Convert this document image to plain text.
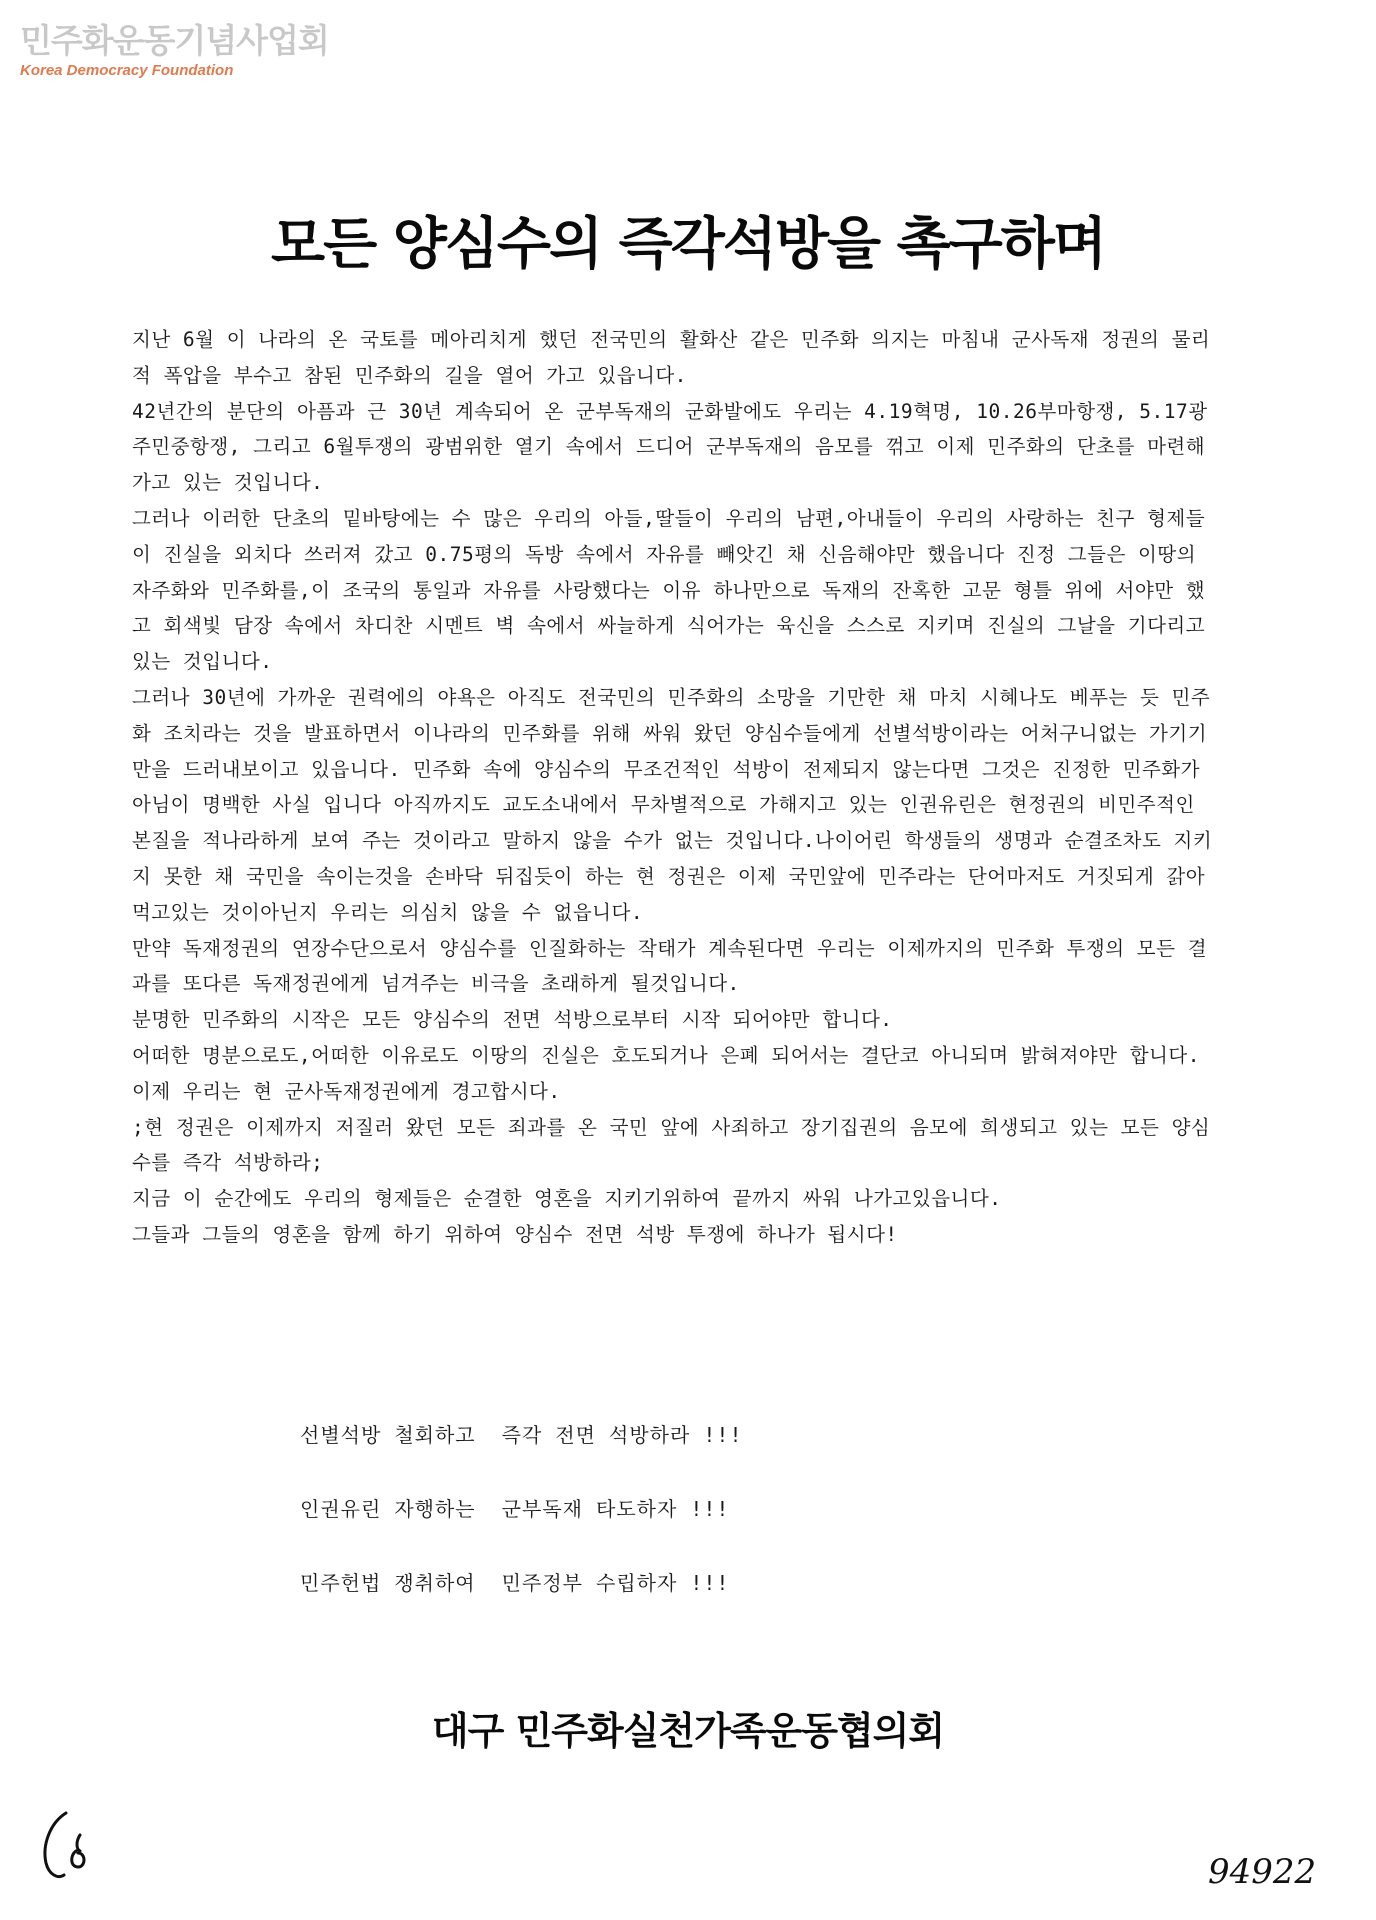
민주화운동기념사업회
Korea Democracy Foundation
모든 양심수의 즉각석방을 촉구하며

지난 6월 이 나라의 온 국토를 메아리치게 했던 전국민의 활화산 같은 민주화 의지는 마침내 군사독재 정권의 물리적 폭압을 부수고 참된 민주화의 길을 열어 가고 있읍니다.

42년간의 분단의 아픔과 근 30년 계속되어 온 군부독재의 군화발에도 우리는 4.19혁명, 10.26부마항쟁, 5.17광주민중항쟁, 그리고 6월투쟁의 광범위한 열기 속에서 드디어 군부독재의 음모를 꺾고 이제 민주화의 단초를 마련해 가고 있는 것입니다.

그러나 이러한 단초의 밑바탕에는 수 많은 우리의 아들,딸들이 우리의 남편,아내들이 우리의 사랑하는 친구 형제들이 진실을 외치다 쓰러져 갔고 0.75평의 독방 속에서 자유를 빼앗긴 채 신음해야만 했읍니다 진정 그들은 이땅의 자주화와 민주화를,이 조국의 통일과 자유를 사랑했다는 이유 하나만으로 독재의 잔혹한 고문 형틀 위에 서야만 했고 회색빛 담장 속에서 차디찬 시멘트 벽 속에서 싸늘하게 식어가는 육신을 스스로 지키며 진실의 그날을 기다리고 있는 것입니다.

그러나 30년에 가까운 권력에의 야욕은 아직도 전국민의 민주화의 소망을 기만한 채 마치 시혜나도 베푸는 듯 민주화 조치라는 것을 발표하면서 이나라의 민주화를 위해 싸워 왔던 양심수들에게 선별석방이라는 어처구니없는 가기기만을 드러내보이고 있읍니다. 민주화 속에 양심수의 무조건적인 석방이 전제되지 않는다면 그것은 진정한 민주화가 아님이 명백한 사실 입니다 아직까지도 교도소내에서 무차별적으로 가해지고 있는 인권유린은 현정권의 비민주적인 본질을 적나라하게 보여 주는 것이라고 말하지 않을 수가 없는 것입니다.나이어린 학생들의 생명과 순결조차도 지키지 못한 채 국민을 속이는것을 손바닥 뒤집듯이 하는 현 정권은 이제 국민앞에 민주라는 단어마저도 거짓되게 갉아 먹고있는 것이아닌지 우리는 의심치 않을 수 없읍니다.

만약 독재정권의 연장수단으로서 양심수를 인질화하는 작태가 계속된다면 우리는 이제까지의 민주화 투쟁의 모든 결과를 또다른 독재정권에게 넘겨주는 비극을 초래하게 될것입니다.

분명한 민주화의 시작은 모든 양심수의 전면 석방으로부터 시작 되어야만 합니다.

어떠한 명분으로도,어떠한 이유로도 이땅의 진실은 호도되거나 은폐 되어서는 결단코 아니되며 밝혀져야만 합니다.

이제 우리는 현 군사독재정권에게 경고합시다.

;현 정권은 이제까지 저질러 왔던 모든 죄과를 온 국민 앞에 사죄하고 장기집권의 음모에 희생되고 있는 모든 양심수를 즉각 석방하라;

지금 이 순간에도 우리의 형제들은 순결한 영혼을 지키기위하여 끝까지 싸워 나가고있읍니다.

그들과 그들의 영혼을 함께 하기 위하여 양심수 전면 석방 투쟁에 하나가 됩시다!

선별석방 철회하고  즉각 전면 석방하라 !!!
인권유린 자행하는  군부독재 타도하자 !!!
민주헌법 쟁취하여  민주정부 수립하자 !!!
대구 민주화실천가족운동협의회
94922
